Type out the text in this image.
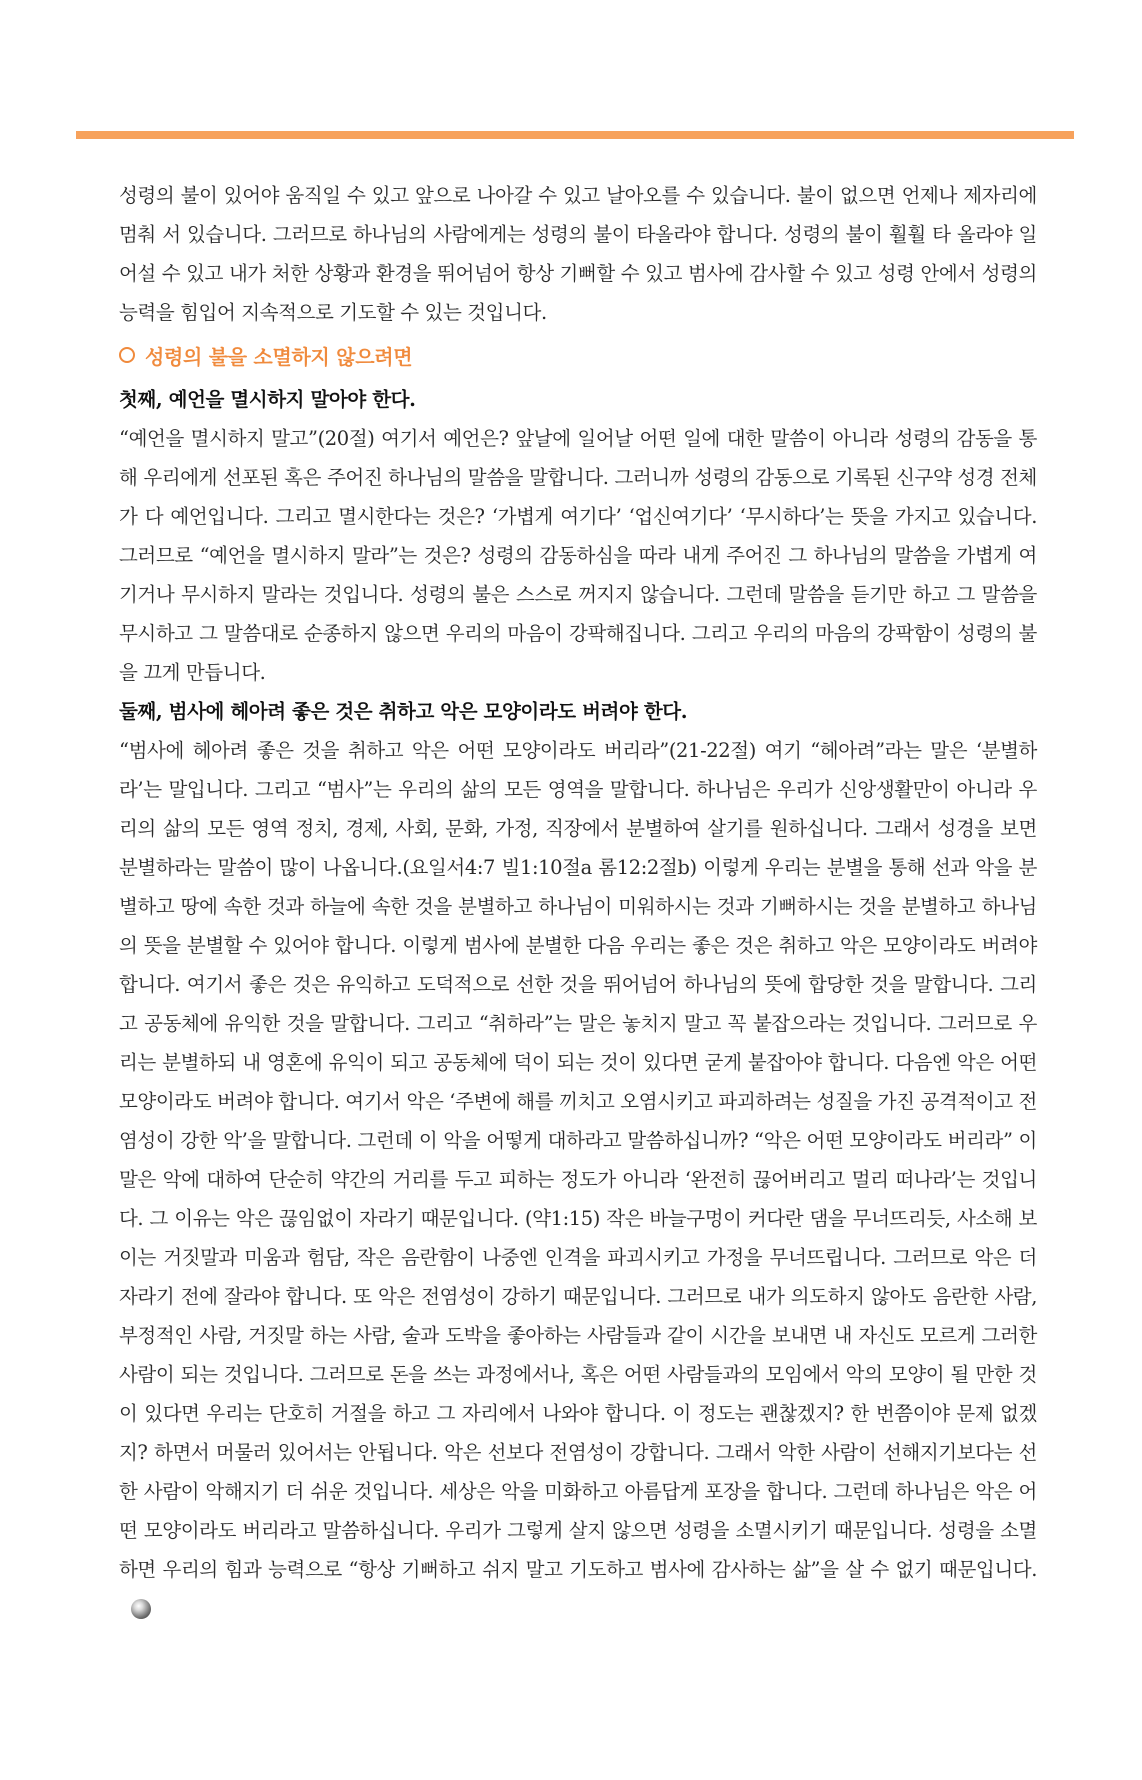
성령의 불이 있어야 움직일 수 있고 앞으로 나아갈 수 있고 날아오를 수 있습니다. 불이 없으면 언제나 제자리에 멈춰 서 있습니다. 그러므로 하나님의 사람에게는 성령의 불이 타올라야 합니다. 성령의 불이 훨훨 타 올라야 일어설 수 있고 내가 처한 상황과 환경을 뛰어넘어 항상 기뻐할 수 있고 범사에 감사할 수 있고 성령 안에서 성령의 능력을 힘입어 지속적으로 기도할 수 있는 것입니다.

성령의 불을 소멸하지 않으려면

첫째, 예언을 멸시하지 말아야 한다.

“예언을 멸시하지 말고”(20절) 여기서 예언은? 앞날에 일어날 어떤 일에 대한 말씀이 아니라 성령의 감동을 통해 우리에게 선포된 혹은 주어진 하나님의 말씀을 말합니다. 그러니까 성령의 감동으로 기록된 신구약 성경 전체가 다 예언입니다. 그리고 멸시한다는 것은? ‘가볍게 여기다’ ‘업신여기다’ ‘무시하다’는 뜻을 가지고 있습니다. 그러므로 “예언을 멸시하지 말라”는 것은? 성령의 감동하심을 따라 내게 주어진 그 하나님의 말씀을 가볍게 여기거나 무시하지 말라는 것입니다. 성령의 불은 스스로 꺼지지 않습니다. 그런데 말씀을 듣기만 하고 그 말씀을 무시하고 그 말씀대로 순종하지 않으면 우리의 마음이 강팍해집니다. 그리고 우리의 마음의 강팍함이 성령의 불을 끄게 만듭니다.

둘째, 범사에 헤아려 좋은 것은 취하고 악은 모양이라도 버려야 한다.

“범사에 헤아려 좋은 것을 취하고 악은 어떤 모양이라도 버리라”(21-22절) 여기 “헤아려”라는 말은 ‘분별하라’는 말입니다. 그리고 “범사”는 우리의 삶의 모든 영역을 말합니다. 하나님은 우리가 신앙생활만이 아니라 우리의 삶의 모든 영역 정치, 경제, 사회, 문화, 가정, 직장에서 분별하여 살기를 원하십니다. 그래서 성경을 보면 분별하라는 말씀이 많이 나옵니다.(요일서4:7 빌1:10절a 롬12:2절b) 이렇게 우리는 분별을 통해 선과 악을 분별하고 땅에 속한 것과 하늘에 속한 것을 분별하고 하나님이 미워하시는 것과 기뻐하시는 것을 분별하고 하나님의 뜻을 분별할 수 있어야 합니다. 이렇게 범사에 분별한 다음 우리는 좋은 것은 취하고 악은 모양이라도 버려야 합니다. 여기서 좋은 것은 유익하고 도덕적으로 선한 것을 뛰어넘어 하나님의 뜻에 합당한 것을 말합니다. 그리고 공동체에 유익한 것을 말합니다. 그리고 “취하라”는 말은 놓치지 말고 꼭 붙잡으라는 것입니다. 그러므로 우리는 분별하되 내 영혼에 유익이 되고 공동체에 덕이 되는 것이 있다면 굳게 붙잡아야 합니다. 다음엔 악은 어떤 모양이라도 버려야 합니다. 여기서 악은 ‘주변에 해를 끼치고 오염시키고 파괴하려는 성질을 가진 공격적이고 전염성이 강한 악’을 말합니다. 그런데 이 악을 어떻게 대하라고 말씀하십니까? “악은 어떤 모양이라도 버리라” 이 말은 악에 대하여 단순히 약간의 거리를 두고 피하는 정도가 아니라 ‘완전히 끊어버리고 멀리 떠나라’는 것입니다. 그 이유는 악은 끊임없이 자라기 때문입니다. (약1:15) 작은 바늘구멍이 커다란 댐을 무너뜨리듯, 사소해 보이는 거짓말과 미움과 험담, 작은 음란함이 나중엔 인격을 파괴시키고 가정을 무너뜨립니다. 그러므로 악은 더 자라기 전에 잘라야 합니다. 또 악은 전염성이 강하기 때문입니다. 그러므로 내가 의도하지 않아도 음란한 사람, 부정적인 사람, 거짓말 하는 사람, 술과 도박을 좋아하는 사람들과 같이 시간을 보내면 내 자신도 모르게 그러한 사람이 되는 것입니다. 그러므로 돈을 쓰는 과정에서나, 혹은 어떤 사람들과의 모임에서 악의 모양이 될 만한 것이 있다면 우리는 단호히 거절을 하고 그 자리에서 나와야 합니다. 이 정도는 괜찮겠지? 한 번쯤이야 문제 없겠지? 하면서 머물러 있어서는 안됩니다. 악은 선보다 전염성이 강합니다. 그래서 악한 사람이 선해지기보다는 선한 사람이 악해지기 더 쉬운 것입니다. 세상은 악을 미화하고 아름답게 포장을 합니다. 그런데 하나님은 악은 어떤 모양이라도 버리라고 말씀하십니다. 우리가 그렇게 살지 않으면 성령을 소멸시키기 때문입니다. 성령을 소멸하면 우리의 힘과 능력으로 “항상 기뻐하고 쉬지 말고 기도하고 범사에 감사하는 삶”을 살 수 없기 때문입니다.
